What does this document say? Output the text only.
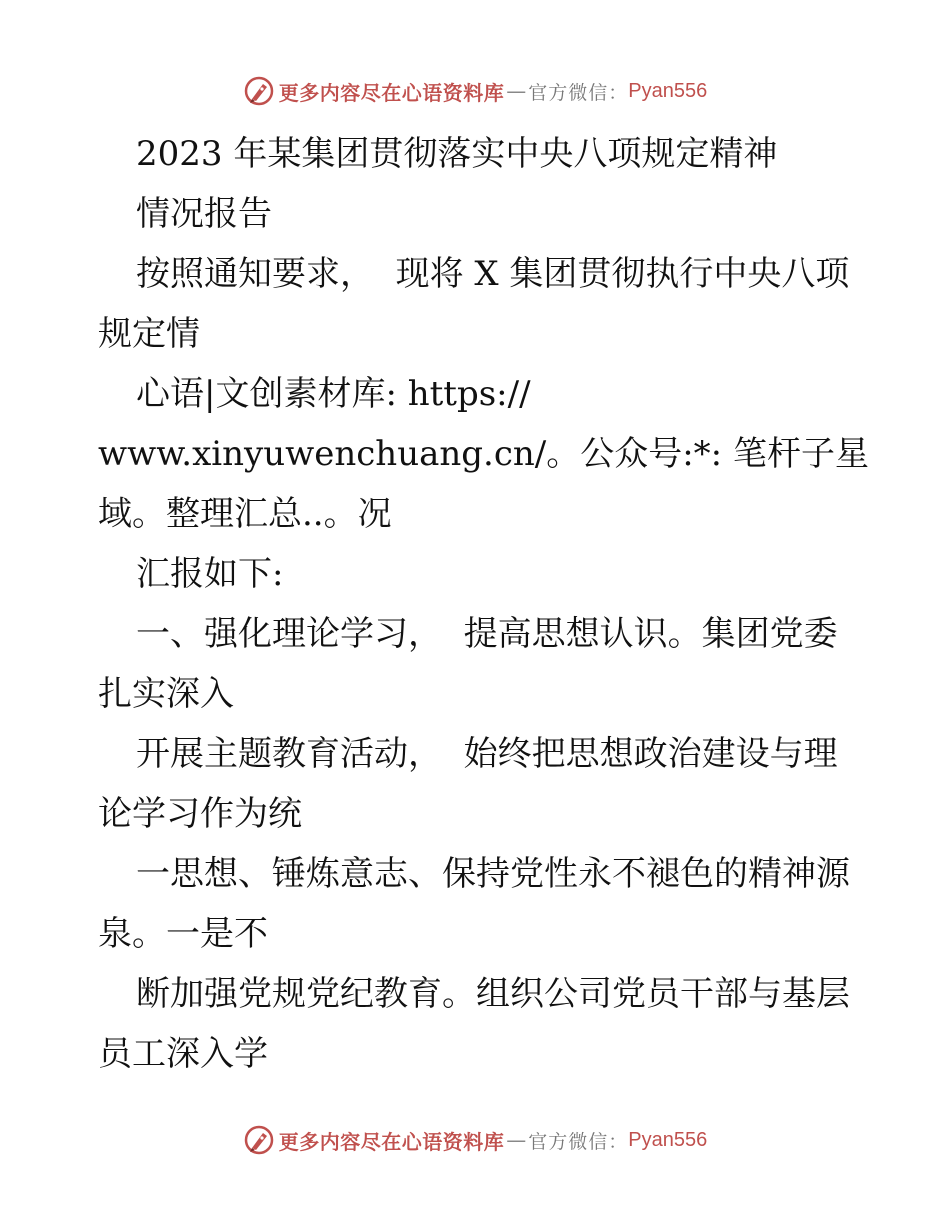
更多内容尽在心语资料库 — 官方微信： Pyan556
2023 年某集团贯彻落实中央八项规定精神
情况报告
按照通知要求，  现将 X 集团贯彻执行中央八项
规定情
心语|文创素材库: https://
www.xinyuwenchuang.cn/。公众号:*: 笔杆子星
域。整理汇总..。况
汇报如下:
一、强化理论学习，  提高思想认识。集团党委
扎实深入
开展主题教育活动，  始终把思想政治建设与理
论学习作为统
一思想、锤炼意志、保持党性永不褪色的精神源
泉。一是不
断加强党规党纪教育。组织公司党员干部与基层
员工深入学
更多内容尽在心语资料库 — 官方微信： Pyan556
